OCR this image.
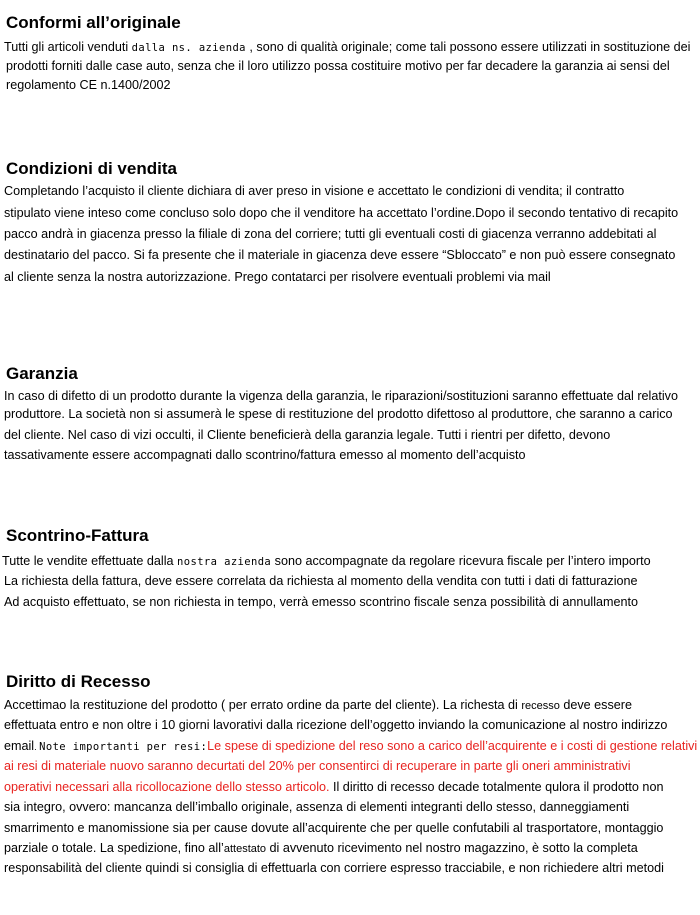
Conformi all’originale
Tutti gli articoli venduti dalla ns. azienda , sono di qualità originale; come tali possono essere utilizzati in sostituzione dei
prodotti forniti dalle case auto, senza che il loro utilizzo possa costituire motivo per far decadere la garanzia ai sensi del
regolamento CE n.1400/2002
Condizioni di vendita
Completando l’acquisto il cliente dichiara di aver preso in visione e accettato le condizioni di vendita; il contratto
stipulato viene inteso come concluso solo dopo che il venditore ha accettato l’ordine.Dopo il secondo tentativo di recapito
pacco andrà in giacenza presso la filiale di zona del corriere; tutti gli eventuali costi di giacenza verranno addebitati al
destinatario del pacco. Si fa presente che il materiale in giacenza deve essere “Sbloccato” e non può essere consegnato
al cliente senza la nostra autorizzazione. Prego contatarci per risolvere eventuali problemi via mail
Garanzia
In caso di difetto di un prodotto durante la vigenza della garanzia, le riparazioni/sostituzioni saranno effettuate dal relativo
produttore. La società non si assumerà le spese di restituzione del prodotto difettoso al produttore, che saranno a carico
del cliente. Nel caso di vizi occulti, il Cliente beneficierà della garanzia legale. Tutti i rientri per difetto, devono
tassativamente essere accompagnati dallo scontrino/fattura emesso al momento dell’acquisto
Scontrino-Fattura
Tutte le vendite effettuate dalla nostra azienda sono accompagnate da regolare ricevura fiscale per l’intero importo
La richiesta della fattura, deve essere correlata da richiesta al momento della vendita con tutti i dati di fatturazione
Ad acquisto effettuato, se non richiesta in tempo, verrà emesso scontrino fiscale senza possibilità di annullamento
Diritto di Recesso
Accettimao la restituzione del prodotto ( per errato ordine da parte del cliente). La richesta di recesso deve essere
effettuata entro e non oltre i 10 giorni lavorativi dalla ricezione dell’oggetto inviando la comunicazione al nostro indirizzo
email. Note importanti per resi:Le spese di spedizione del reso sono a carico dell’acquirente e i costi di gestione relativi
ai resi di materiale nuovo saranno decurtati del 20% per consentirci di recuperare in parte gli oneri amministrativi
operativi necessari alla ricollocazione dello stesso articolo. Il diritto di recesso decade totalmente qulora il prodotto non
sia integro, ovvero: mancanza dell’imballo originale, assenza di elementi integranti dello stesso, danneggiamenti
smarrimento e manomissione sia per cause dovute all’acquirente che per quelle confutabili al trasportatore, montaggio
parziale o totale. La spedizione, fino all’attestato di avvenuto ricevimento nel nostro magazzino, è sotto la completa
responsabilità del cliente quindi si consiglia di effettuarla con corriere espresso tracciabile, e non richiedere altri metodi
